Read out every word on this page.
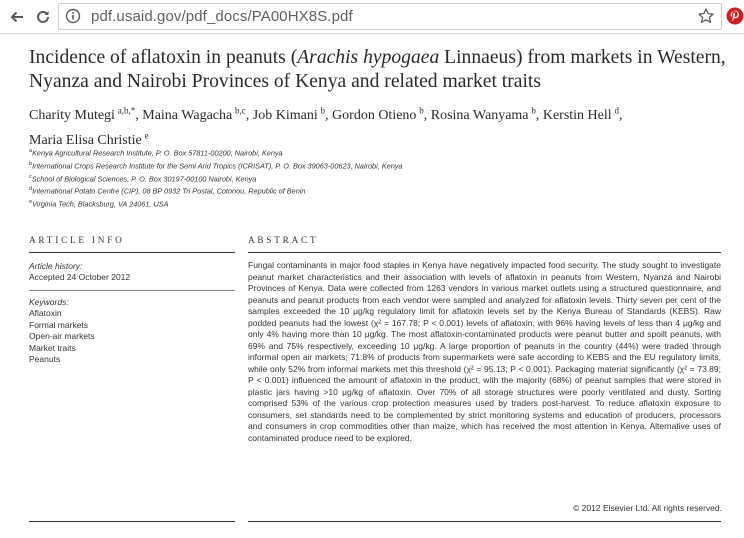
pdf.usaid.gov/pdf_docs/PA00HX8S.pdf
Incidence of aflatoxin in peanuts (Arachis hypogaea Linnaeus) from markets in Western, Nyanza and Nairobi Provinces of Kenya and related market traits
Charity Mutegi  $^{a,b,*}$, Maina Wagacha  $^{b,c}$, Job Kimani  $^b$, Gordon Otieno  $^b$, Rosina Wanyama  $^b$, Kerstin Hell  $^d$,
Maria Elisa Christie  $^e$
$^a$Kenya Agricultural Research Institute, P. O. Box 57811-00200, Nairobi, Kenya
$^b$International Crops Research Institute for the Semi Arid Tropics (ICRISAT), P. O. Box 39063-00623, Nairobi, Kenya
$^c$School of Biological Sciences, P. O. Box 30197-00100 Nairobi, Kenya
$^d$International Potato Centre (CIP), 08 BP 0932 Tri Postal, Cotonou, Republic of Benin
$^e$Virginia Tech, Blacksburg, VA 24061, USA
ARTICLE INFO
Article history:
Accepted 24 October 2012
Keywords:
Aflatoxin
Formal markets
Open-air markets
Market traits
Peanuts
ABSTRACT
Fungal contaminants in major food staples in Kenya have negatively impacted food security. The study sought to investigate peanut market characteristics and their association with levels of aflatoxin in peanuts from Western, Nyanza and Nairobi Provinces of Kenya. Data were collected from 1263 vendors in various market outlets using a structured questionnaire, and peanuts and peanut products from each vendor were sampled and analyzed for aflatoxin levels. Thirty seven per cent of the samples exceeded the 10 μg/kg regulatory limit for aflatoxin levels set by the Kenya Bureau of Standards (KEBS). Raw podded peanuts had the lowest (χ² = 167.78; P < 0.001) levels of aflatoxin, with 96% having levels of less than 4 μg/kg and only 4% having more than 10 μg/kg. The most aflatoxin-contaminated products were peanut butter and spoilt peanuts, with 69% and 75% respectively, exceeding 10 μg/kg. A large proportion of peanuts in the country (44%) were traded through informal open air markets; 71.8% of products from supermarkets were safe according to KEBS and the EU regulatory limits, while only 52% from informal markets met this threshold (χ² = 95.13; P < 0.001). Packaging material significantly (χ² = 73.89; P < 0.001) influenced the amount of aflatoxin in the product, with the majority (68%) of peanut samples that were stored in plastic jars having >10 μg/kg of aflatoxin. Over 70% of all storage structures were poorly ventilated and dusty. Sorting comprised 53% of the various crop protection measures used by traders post-harvest. To reduce aflatoxin exposure to consumers, set standards need to be complemented by strict monitoring systems and education of producers, processors and consumers in crop commodities other than maize, which has received the most attention in Kenya. Alternative uses of contaminated produce need to be explored.
© 2012 Elsevier Ltd. All rights reserved.
